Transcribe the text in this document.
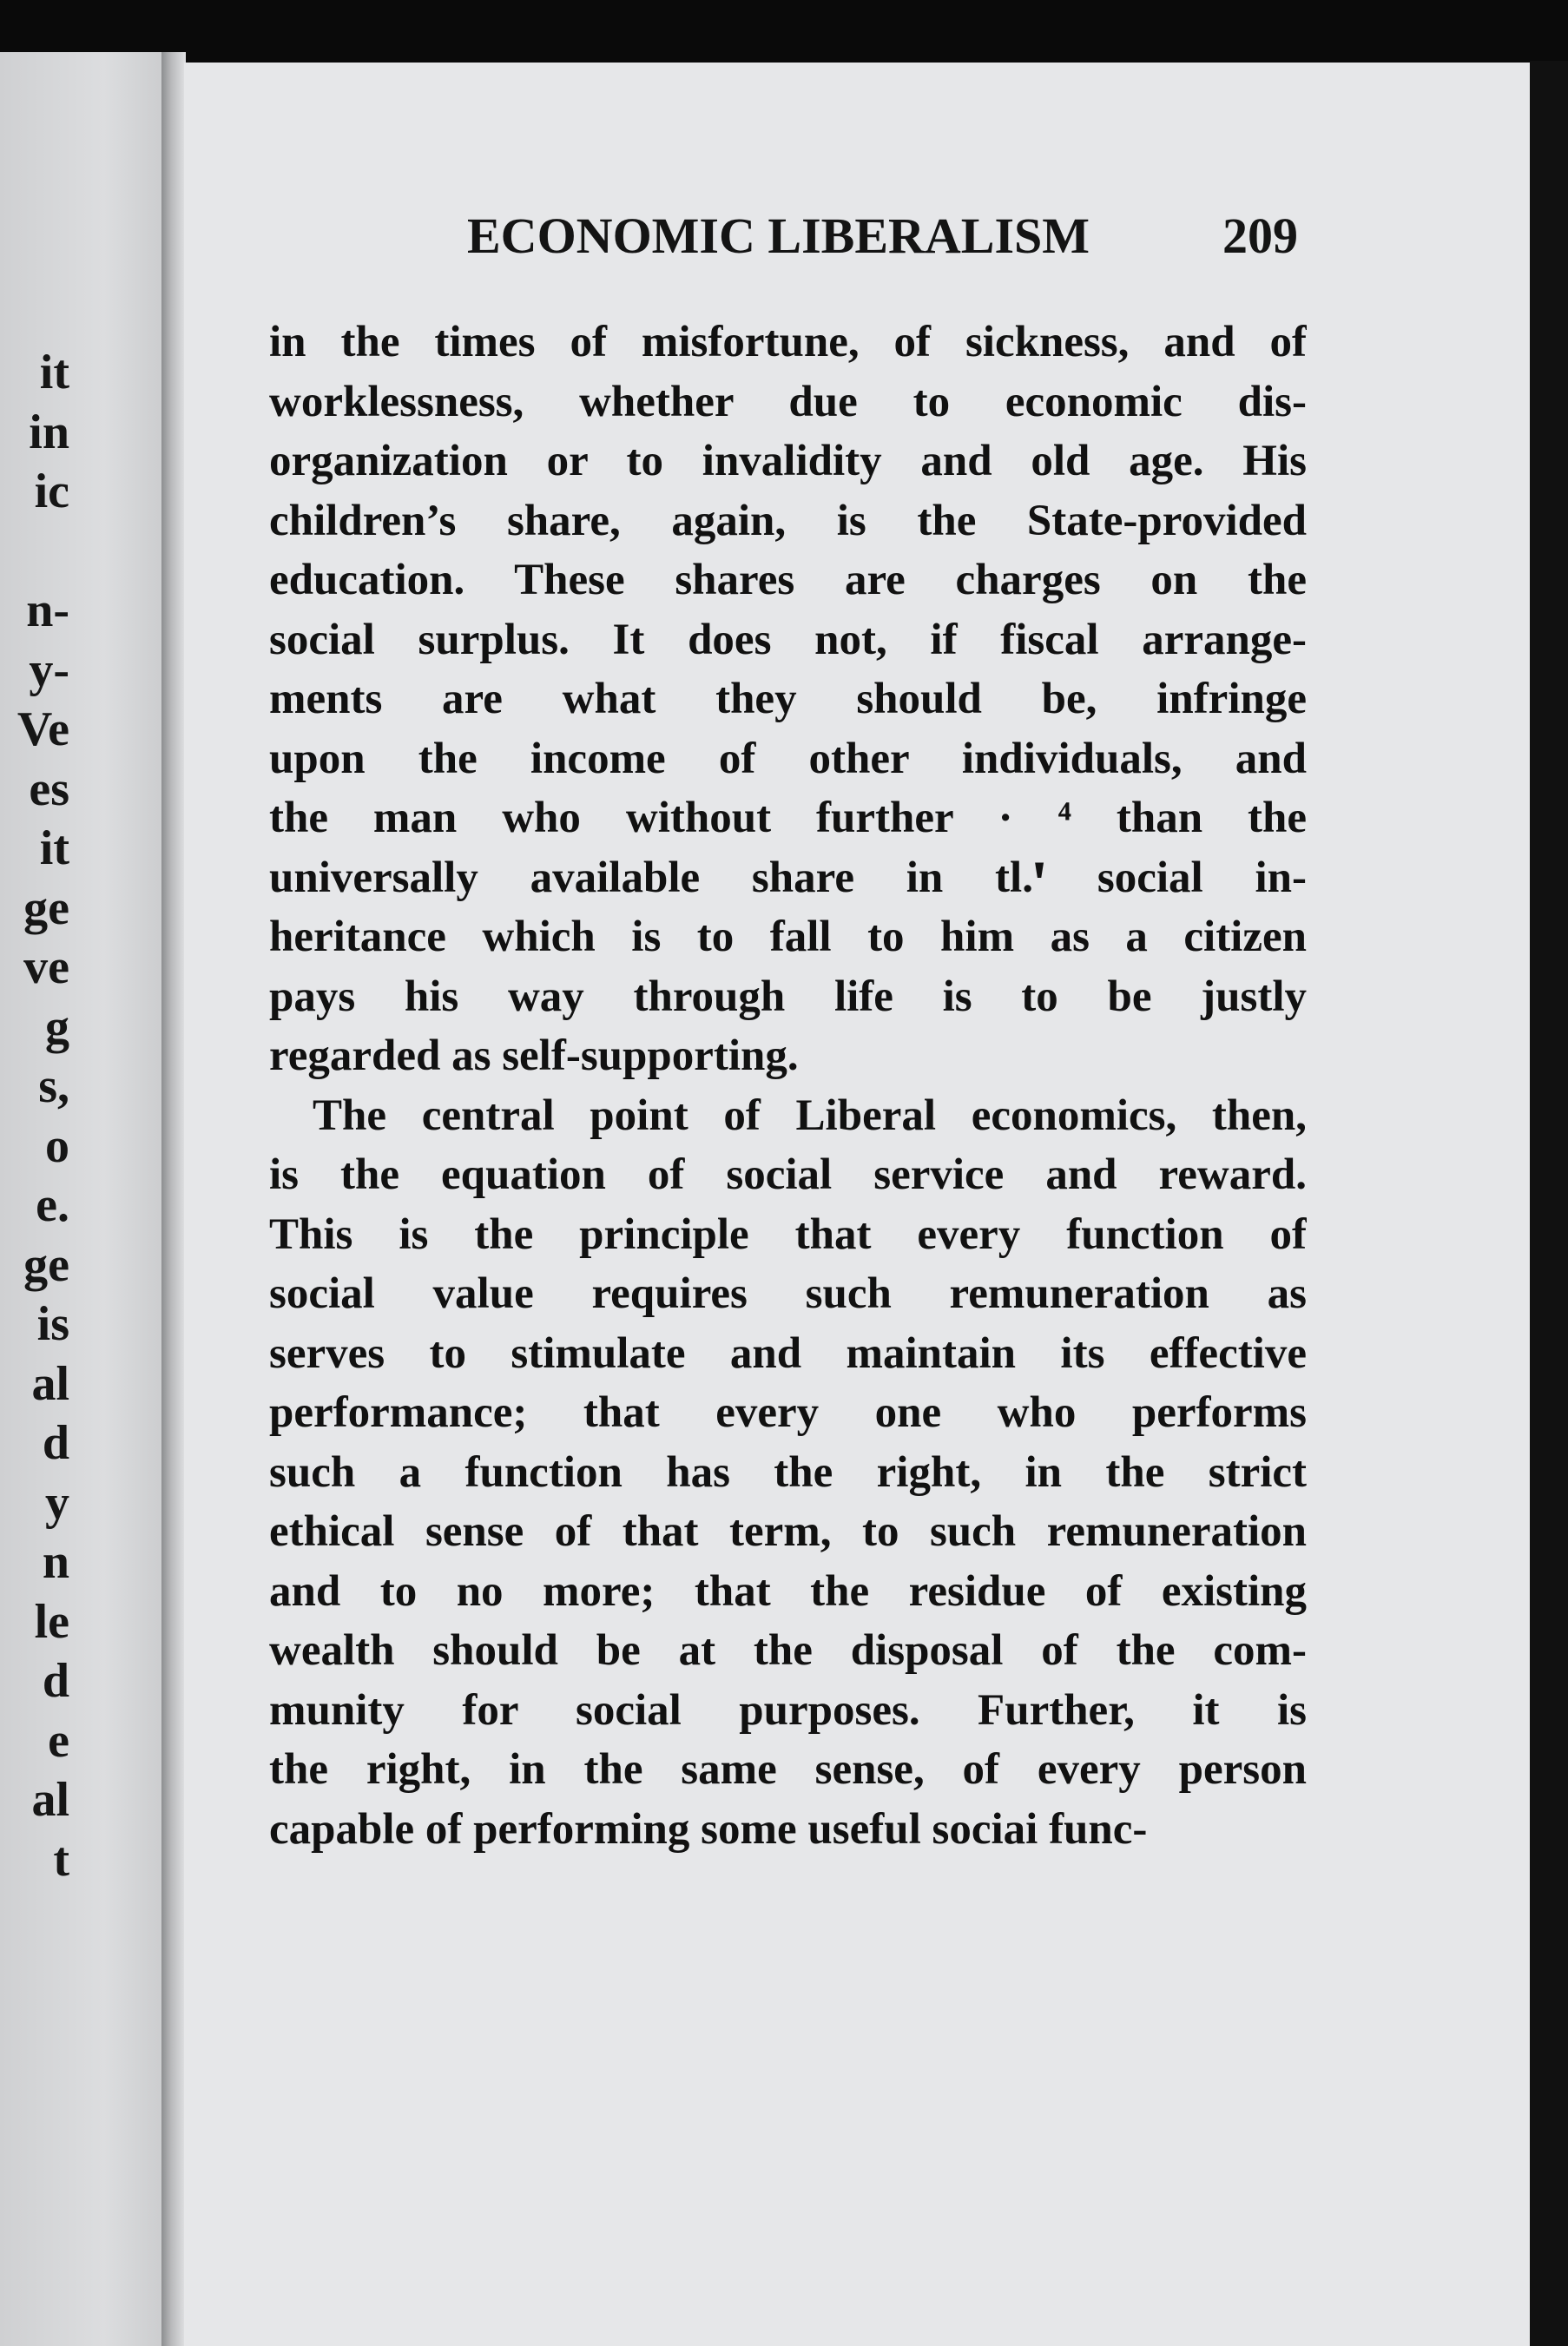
it
in
ic
n-
y-
Ve
es
it
ge
ve
g
s,
o
e.
ge
is
al
d
y
n
le
d
e
al
t
ECONOMIC LIBERALISM	209
in the times of misfortune, of sickness, and of
worklessness, whether due to economic dis-
organization or to invalidity and old age. His
children’s share, again, is the State-provided
education. These shares are charges on the
social surplus. It does not, if fiscal arrange-
ments are what they should be, infringe
upon the income of other individuals, and
the man who without further · ⁴ than the
universally available share in tl.ꞌ social in-
heritance which is to fall to him as a citizen
pays his way through life is to be justly
regarded as self-supporting.
The central point of Liberal economics, then,
is the equation of social service and reward.
This is the principle that every function of
social value requires such remuneration as
serves to stimulate and maintain its effective
performance; that every one who performs
such a function has the right, in the strict
ethical sense of that term, to such remuneration
and to no more; that the residue of existing
wealth should be at the disposal of the com-
munity for social purposes. Further, it is
the right, in the same sense, of every person
capable of performing some useful sociai func-
